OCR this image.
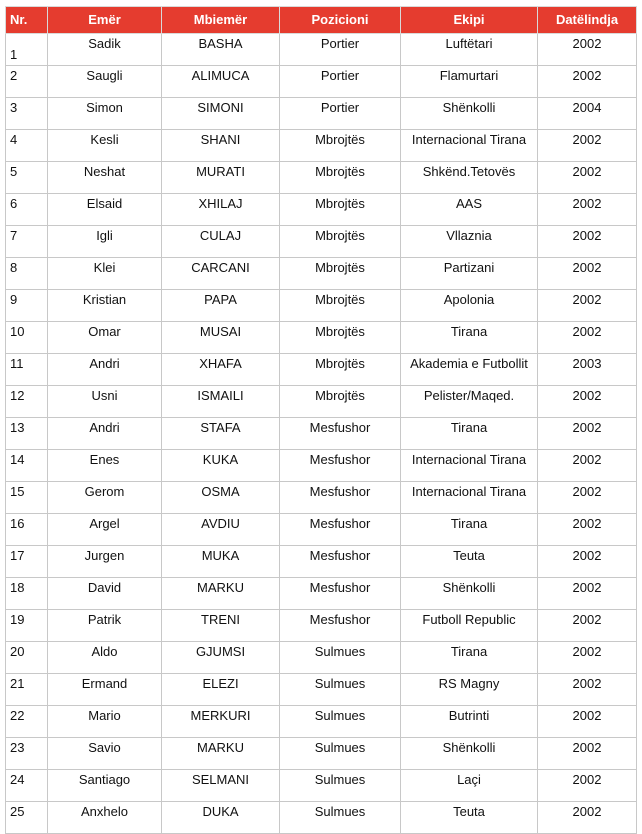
Nr.	Emër	Mbiemër	Pozicioni	Ekipi	Datëlindja
1	Sadik	BASHA	Portier	Luftëtari	2002
2	Saugli	ALIMUCA	Portier	Flamurtari	2002
3	Simon	SIMONI	Portier	Shënkolli	2004
4	Kesli	SHANI	Mbrojtës	Internacional Tirana	2002
5	Neshat	MURATI	Mbrojtës	Shkënd.Tetovës	2002
6	Elsaid	XHILAJ	Mbrojtës	AAS	2002
7	Igli	CULAJ	Mbrojtës	Vllaznia	2002
8	Klei	CARCANI	Mbrojtës	Partizani	2002
9	Kristian	PAPA	Mbrojtës	Apolonia	2002
10	Omar	MUSAI	Mbrojtës	Tirana	2002
11	Andri	XHAFA	Mbrojtës	Akademia e Futbollit	2003
12	Usni	ISMAILI	Mbrojtës	Pelister/Maqed.	2002
13	Andri	STAFA	Mesfushor	Tirana	2002
14	Enes	KUKA	Mesfushor	Internacional Tirana	2002
15	Gerom	OSMA	Mesfushor	Internacional Tirana	2002
16	Argel	AVDIU	Mesfushor	Tirana	2002
17	Jurgen	MUKA	Mesfushor	Teuta	2002
18	David	MARKU	Mesfushor	Shënkolli	2002
19	Patrik	TRENI	Mesfushor	Futboll Republic	2002
20	Aldo	GJUMSI	Sulmues	Tirana	2002
21	Ermand	ELEZI	Sulmues	RS Magny	2002
22	Mario	MERKURI	Sulmues	Butrinti	2002
23	Savio	MARKU	Sulmues	Shënkolli	2002
24	Santiago	SELMANI	Sulmues	Laçi	2002
25	Anxhelo	DUKA	Sulmues	Teuta	2002
